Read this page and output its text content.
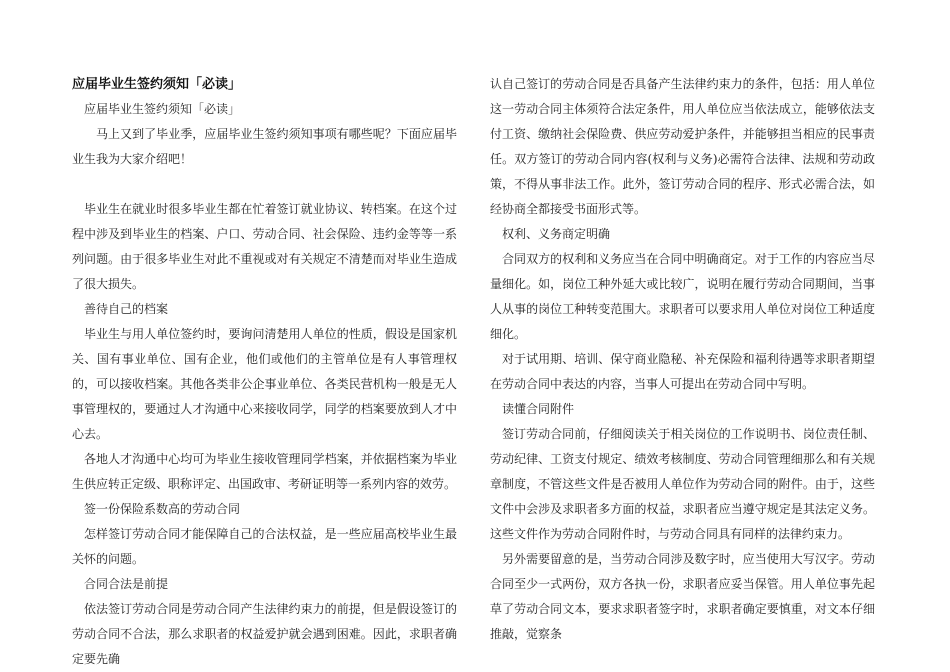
应届毕业生签约须知「必读」

应届毕业生签约须知「必读」

马上又到了毕业季，应届毕业生签约须知事项有哪些呢？下面应届毕业生我为大家介绍吧！

毕业生在就业时很多毕业生都在忙着签订就业协议、转档案。在这个过程中涉及到毕业生的档案、户口、劳动合同、社会保险、违约金等等一系列问题。由于很多毕业生对此不重视或对有关规定不清楚而对毕业生造成了很大损失。

善待自己的档案

毕业生与用人单位签约时，要询问清楚用人单位的性质，假设是国家机关、国有事业单位、国有企业，他们或他们的主管单位是有人事管理权的，可以接收档案。其他各类非公企事业单位、各类民营机构一般是无人事管理权的，要通过人才沟通中心来接收同学，同学的档案要放到人才中心去。

各地人才沟通中心均可为毕业生接收管理同学档案，并依据档案为毕业生供应转正定级、职称评定、出国政审、考研证明等一系列内容的效劳。

签一份保险系数高的劳动合同

怎样签订劳动合同才能保障自己的合法权益，是一些应届高校毕业生最关怀的问题。

合同合法是前提

依法签订劳动合同是劳动合同产生法律约束力的前提，但是假设签订的劳动合同不合法，那么求职者的权益爱护就会遇到困难。因此，求职者确定要先确

认自己签订的劳动合同是否具备产生法律约束力的条件，包括：用人单位这一劳动合同主体须符合法定条件，用人单位应当依法成立，能够依法支付工资、缴纳社会保险费、供应劳动爱护条件，并能够担当相应的民事责任。双方签订的劳动合同内容(权利与义务)必需符合法律、法规和劳动政策，不得从事非法工作。此外，签订劳动合同的程序、形式必需合法，如经协商全都接受书面形式等。

权利、义务商定明确

合同双方的权利和义务应当在合同中明确商定。对于工作的内容应当尽量细化。如，岗位工种外延大或比较广，说明在履行劳动合同期间，当事人从事的岗位工种转变范围大。求职者可以要求用人单位对岗位工种适度细化。

对于试用期、培训、保守商业隐秘、补充保险和福利待遇等求职者期望在劳动合同中表达的内容，当事人可提出在劳动合同中写明。

读懂合同附件

签订劳动合同前，仔细阅读关于相关岗位的工作说明书、岗位责任制、劳动纪律、工资支付规定、绩效考核制度、劳动合同管理细那么和有关规章制度，不管这些文件是否被用人单位作为劳动合同的附件。由于，这些文件中会涉及求职者多方面的权益，求职者应当遵守规定是其法定义务。这些文件作为劳动合同附件时，与劳动合同具有同样的法律约束力。

另外需要留意的是，当劳动合同涉及数字时，应当使用大写汉字。劳动合同至少一式两份，双方各执一份，求职者应妥当保管。用人单位事先起草了劳动合同文本，要求求职者签字时，求职者确定要慎重，对文本仔细推敲，觉察条
